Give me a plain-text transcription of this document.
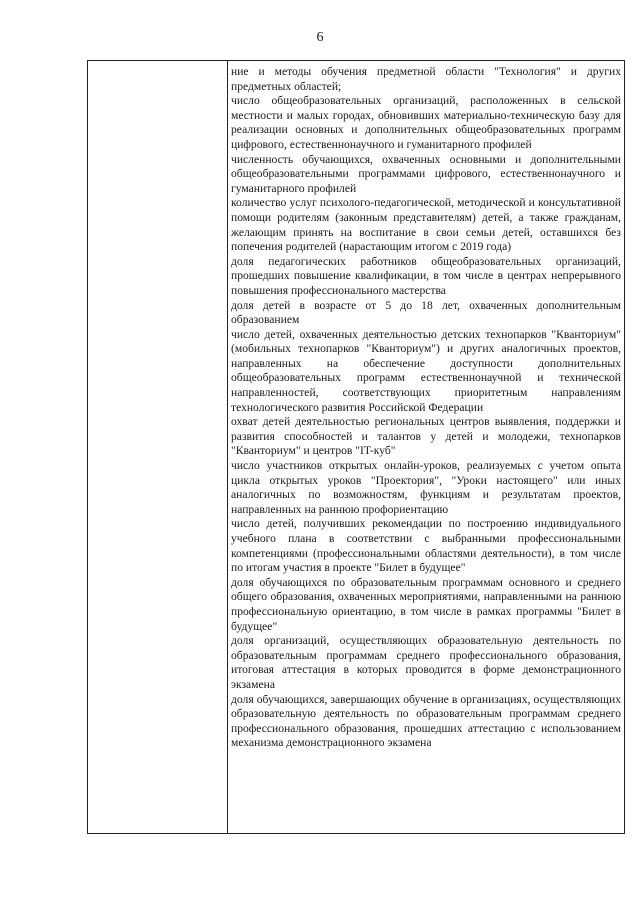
6

ние и методы обучения предметной области "Технология" и других предметных областей;

число общеобразовательных организаций, расположенных в сельской местности и малых городах, обновивших материально-техническую базу для реализации основных и дополнительных общеобразовательных программ цифрового, естественнонаучного и гуманитарного профилей

численность обучающихся, охваченных основными и дополнительными общеобразовательными программами цифрового, естественнонаучного и гуманитарного профилей

количество услуг психолого-педагогической, методической и консультативной помощи родителям (законным представителям) детей, а также гражданам, желающим принять на воспитание в свои семьи детей, оставшихся без попечения родителей (нарастающим итогом с 2019 года)

доля педагогических работников общеобразовательных организаций, прошедших повышение квалификации, в том числе в центрах непрерывного повышения профессионального мастерства

доля детей в возрасте от 5 до 18 лет, охваченных дополнительным образованием

число детей, охваченных деятельностью детских технопарков "Кванториум" (мобильных технопарков "Кванториум") и других аналогичных проектов, направленных на обеспечение доступности дополнительных общеобразовательных программ естественнонаучной и технической направленностей, соответствующих приоритетным направлениям технологического развития Российской Федерации

охват детей деятельностью региональных центров выявления, поддержки и развития способностей и талантов у детей и молодежи, технопарков "Кванториум" и центров "IT-куб"

число участников открытых онлайн-уроков, реализуемых с учетом опыта цикла открытых уроков "Проектория", "Уроки настоящего" или иных аналогичных по возможностям, функциям и результатам проектов, направленных на раннюю профориентацию

число детей, получивших рекомендации по построению индивидуального учебного плана в соответствии с выбранными профессиональными компетенциями (профессиональными областями деятельности), в том числе по итогам участия в проекте "Билет в будущее"

доля обучающихся по образовательным программам основного и среднего общего образования, охваченных мероприятиями, направленными на раннюю профессиональную ориентацию, в том числе в рамках программы "Билет в будущее"

доля организаций, осуществляющих образовательную деятельность по образовательным программам среднего профессионального образования, итоговая аттестация в которых проводится в форме демонстрационного экзамена

доля обучающихся, завершающих обучение в организациях, осуществляющих образовательную деятельность по образовательным программам среднего профессионального образования, прошедших аттестацию с использованием механизма демонстрационного экзамена
